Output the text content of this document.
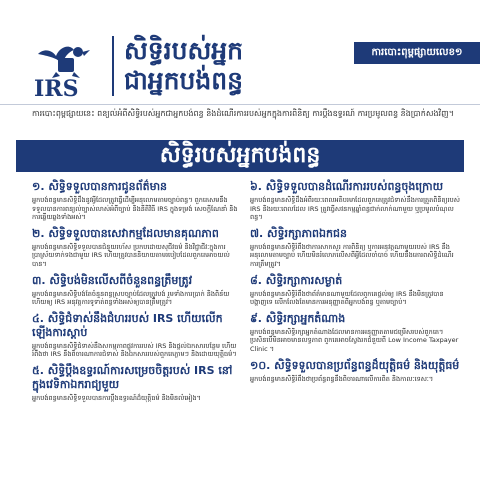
IRS
សិទ្ធិរបស់អ្នក
ជាអ្នកបង់ពន្ធ
ការបោះពុម្ពផ្សាយលេខ១
ការបោះពុម្ពផ្សាយនេះ ពន្យល់អំពីសិទ្ធិរបស់អ្នកជាអ្នកបង់ពន្ធ និងដំណើរការរបស់អ្នកក្នុងការពិនិត្យ ការប្តឹងឧទ្ធរណ៍ ការប្រមូលពន្ធ និងប្រាក់សងវិញ។
សិទ្ធិរបស់អ្នកបង់ពន្ធ
១. សិទ្ធិទទួលបានការជូនព័ត៌មាន
អ្នកបង់ពន្ធមានសិទ្ធិដឹងនូវអ្វីដែលត្រូវធ្វើដើម្បីអនុលោមតាមច្បាប់ពន្ធ។ ពួកគេសមនឹងទទួលបានការពន្យល់ច្បាស់លាស់អំពីច្បាប់ និងនីតិវិធី IRS ក្នុងទម្រង់ សេចក្តីណែនាំ និងការឆ្លើយឆ្លងទាំងអស់។
២. សិទ្ធិទទួលបានសេវាកម្មដែលមានគុណភាព
អ្នកបង់ពន្ធមានសិទ្ធិទទួលបានជំនួយរហ័ស ប្រកបដោយសុជីវធម៌ និងវិជ្ជាជីវៈក្នុងការប្រាស្រ័យទាក់ទងជាមួយ IRS ហើយត្រូវបាននិយាយតាមរបៀបដែលពួកគេអាចយល់បាន។
៣. សិទ្ធិបង់មិនលើសពីចំនួនពន្ធត្រឹមត្រូវ
អ្នកបង់ពន្ធមានសិទ្ធិបង់តែចំនួនពន្ធស្របច្បាប់ដែលត្រូវបង់ រួមទាំងការប្រាក់ និងពិន័យ ហើយឲ្យ IRS អនុវត្តការទូទាត់ពន្ធទាំងអស់ឲ្យបានត្រឹមត្រូវ។
៤. សិទ្ធិជំទាស់នឹងជំហររបស់ IRS ហើយលើកឡើងការស្តាប់
អ្នកបង់ពន្ធមានសិទ្ធិជំទាស់នឹងសកម្មភាពផ្លូវការរបស់ IRS និងផ្តល់ឯកសារបន្ថែម ហើយរំពឹងថា IRS នឹងពិចារណាការជំទាស់ និងឯកសាររបស់ពួកគេភ្លាមៗ និងដោយយុត្តិធម៌។
៥. សិទ្ធិប្តឹងឧទ្ធរណ៍ការសម្រេចចិត្តរបស់ IRS នៅក្នុងវេទិកាឯករាជ្យមួយ
អ្នកបង់ពន្ធមានសិទ្ធិទទួលបានការប្តឹងឧទ្ធរណ៍ដ៏យុត្តិធម៌ និងមិនលំអៀង។
៦. សិទ្ធិទទួលបានដំណើរការរបស់ពន្ធចុងក្រោយ
អ្នកបង់ពន្ធមានសិទ្ធិដឹងអំពីរយៈពេលអតិបរមាដែលពួកគេត្រូវជំទាស់នឹងការត្រួតពិនិត្យរបស់ IRS និងរយៈពេលដែល IRS ត្រូវធ្វើសវនកម្មឆ្នាំពន្ធជាក់លាក់ណាមួយ ឬប្រមូលបំណុលពន្ធ។
៧. សិទ្ធិរក្សាភាពឯកជន
អ្នកបង់ពន្ធមានសិទ្ធិរំពឹងថាការសាកសួរ ការពិនិត្យ ឬការអនុវត្តណាមួយរបស់ IRS នឹងអនុលោមតាមច្បាប់ ហើយមិនរំលោភលើសពីអ្វីដែលចាំបាច់ ហើយនឹងគោរពសិទ្ធិដំណើរការត្រឹមត្រូវ។
៨. សិទ្ធិរក្សាការសម្ងាត់
អ្នកបង់ពន្ធមានសិទ្ធិរំពឹងថាព័ត៌មានណាមួយដែលពួកគេផ្តល់ឲ្យ IRS នឹងមិនត្រូវបានបង្ហាញទេ លើកលែងតែមានការអនុញ្ញាតពីអ្នកបង់ពន្ធ ឬតាមច្បាប់។
៩. សិទ្ធិរក្សាអ្នកតំណាង
អ្នកបង់ពន្ធមានសិទ្ធិរក្សាអ្នកតំណាងដែលមានការអនុញ្ញាតតាមជម្រើសរបស់ពួកគេ។ ប្រសិនបើមិនអាចមានលទ្ធភាព ពួកគេអាចស្វែងរកជំនួយពី Low Income Taxpayer Clinic ។
១០. សិទ្ធិទទួលបានប្រព័ន្ធពន្ធដ៏យុត្តិធម៌ និងយុត្តិធម៌
អ្នកបង់ពន្ធមានសិទ្ធិរំពឹងថាប្រព័ន្ធពន្ធនឹងពិចារណាលើការពិត និងកាលៈទេសៈ។
